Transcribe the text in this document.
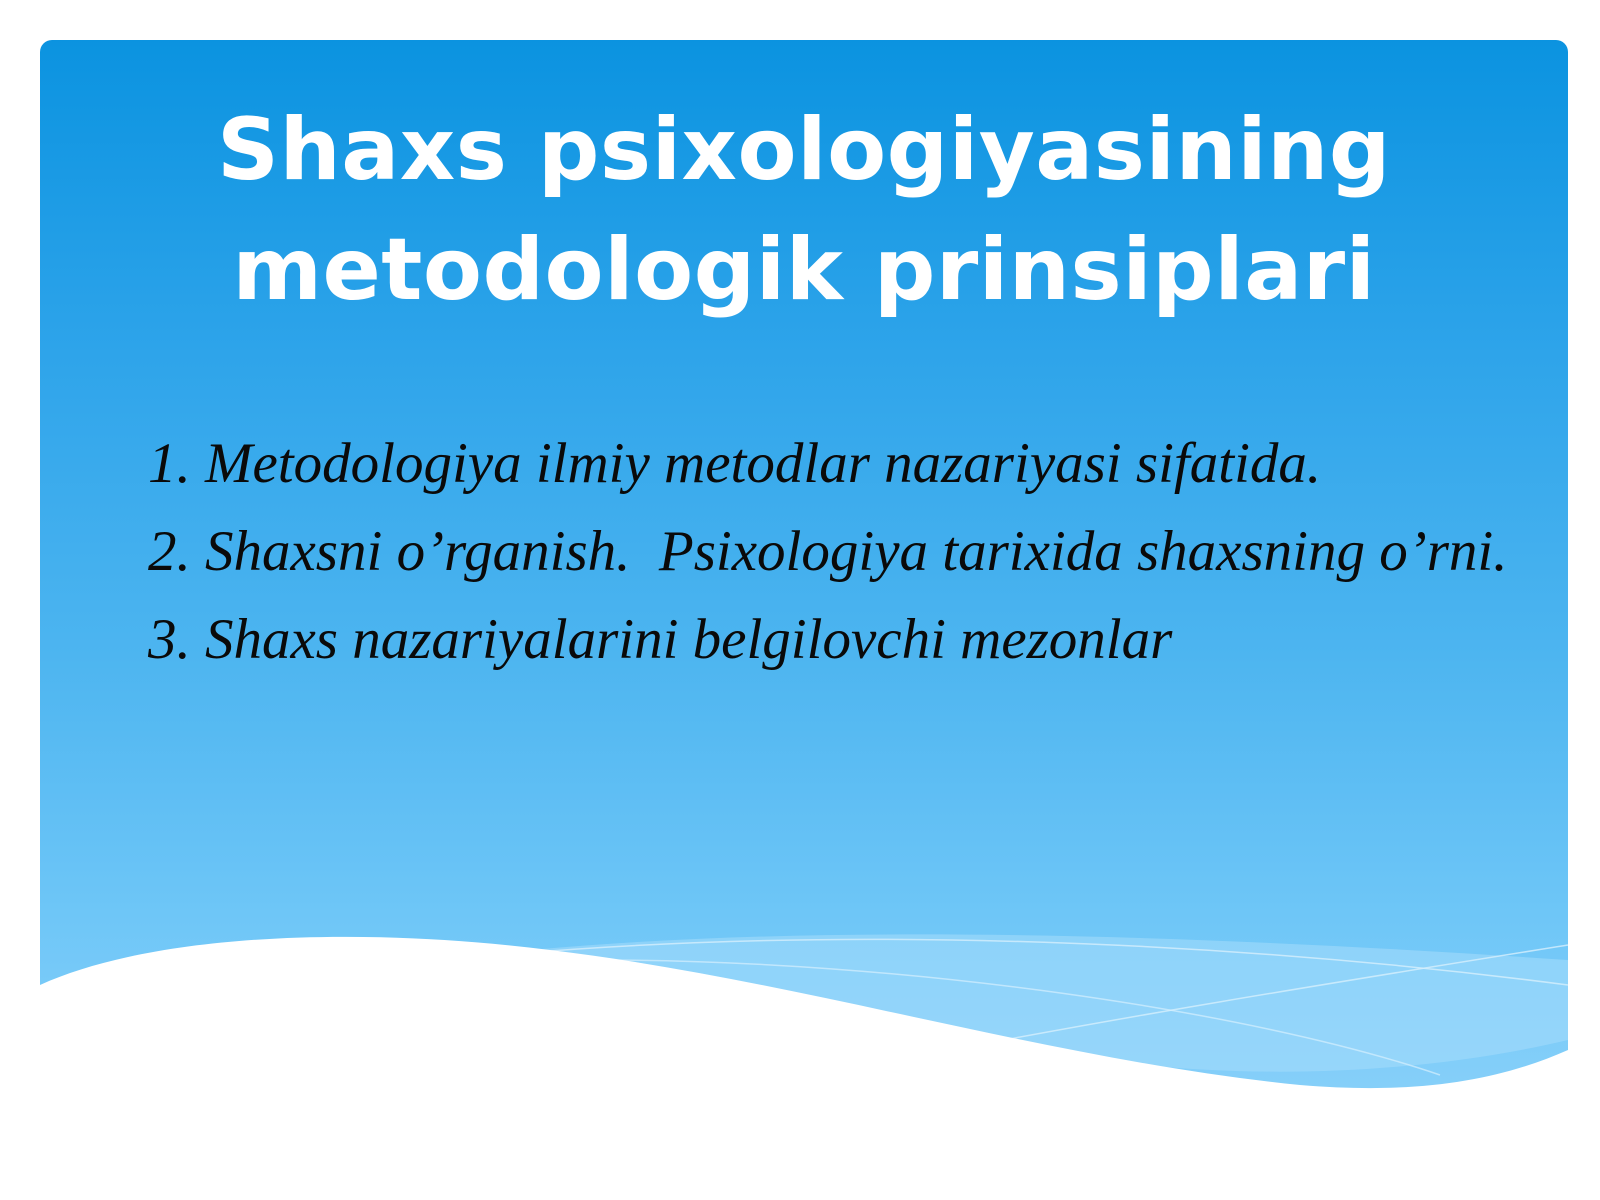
Shaxs psixologiyasining
metodologik prinsiplari
1. Metodologiya ilmiy metodlar nazariyasi sifatida.
2. Shaxsni o’rganish.  Psixologiya tarixida shaxsning o’rni.
3. Shaxs nazariyalarini belgilovchi mezonlar
